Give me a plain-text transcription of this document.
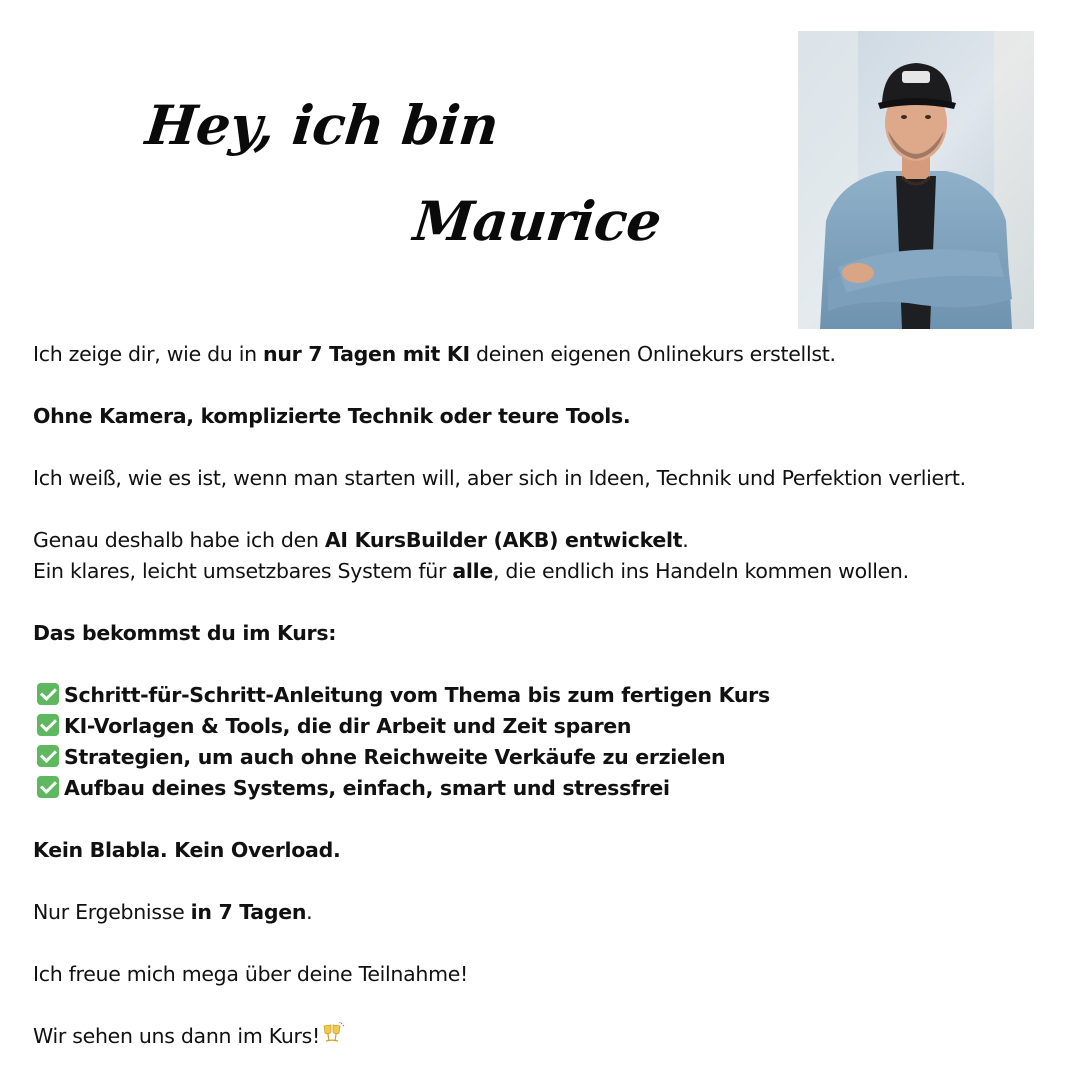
Hey, ich bin
Maurice

Ich zeige dir, wie du in nur 7 Tagen mit KI deinen eigenen Onlinekurs erstellst.

Ohne Kamera, komplizierte Technik oder teure Tools.

Ich weiß, wie es ist, wenn man starten will, aber sich in Ideen, Technik und Perfektion verliert.

Genau deshalb habe ich den AI KursBuilder (AKB) entwickelt.

Ein klares, leicht umsetzbares System für alle, die endlich ins Handeln kommen wollen.

Das bekommst du im Kurs:

Schritt-für-Schritt-Anleitung vom Thema bis zum fertigen Kurs

KI-Vorlagen & Tools, die dir Arbeit und Zeit sparen

Strategien, um auch ohne Reichweite Verkäufe zu erzielen

Aufbau deines Systems, einfach, smart und stressfrei

Kein Blabla. Kein Overload.

Nur Ergebnisse in 7 Tagen.

Ich freue mich mega über deine Teilnahme!

Wir sehen uns dann im Kurs!
